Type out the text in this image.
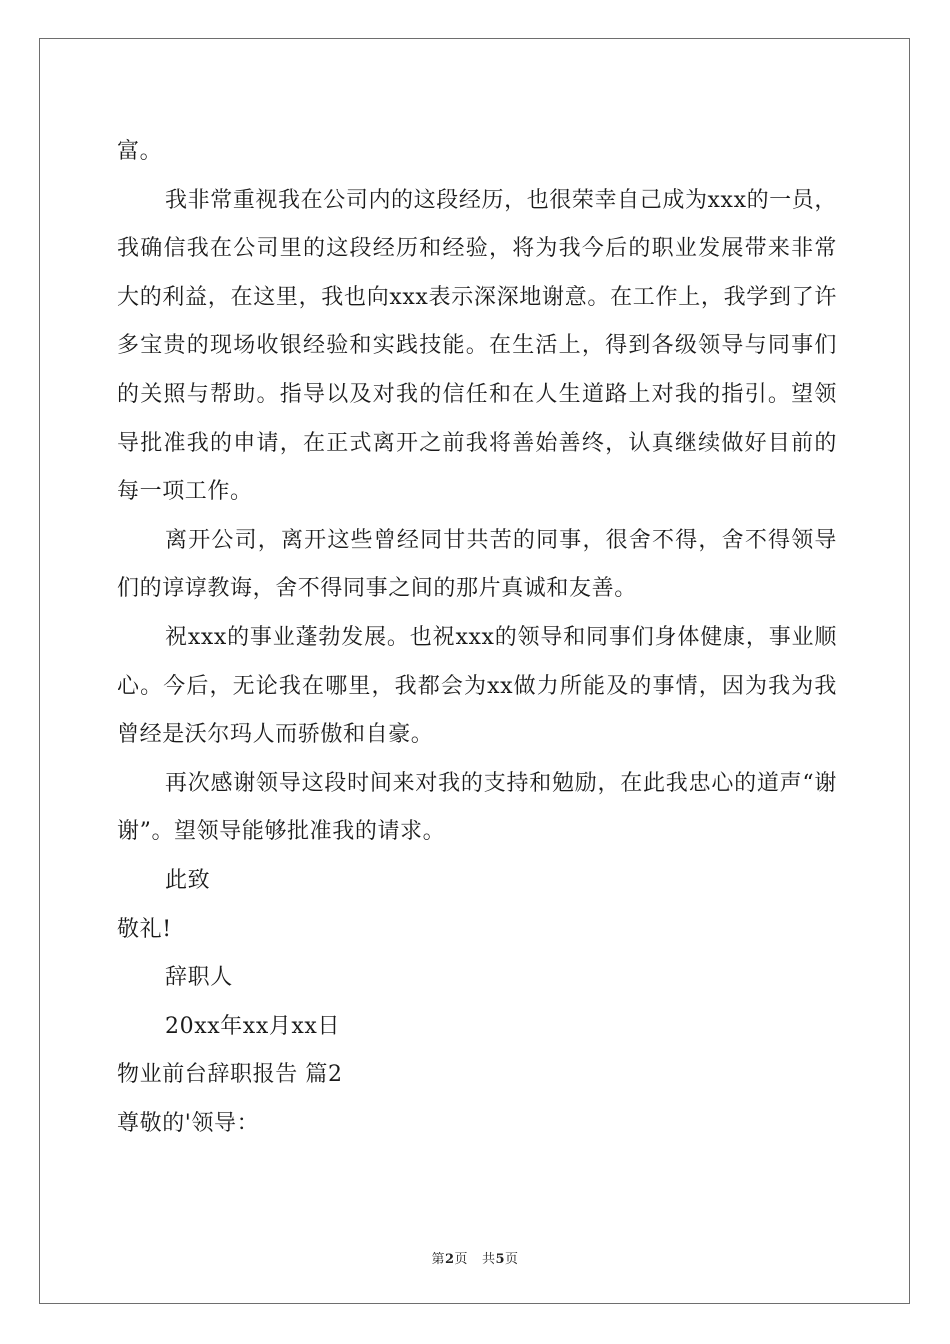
富。

我非常重视我在公司内的这段经历，也很荣幸自己成为xxx的一员，我确信我在公司里的这段经历和经验，将为我今后的职业发展带来非常大的利益，在这里，我也向xxx表示深深地谢意。在工作上，我学到了许多宝贵的现场收银经验和实践技能。在生活上，得到各级领导与同事们的关照与帮助。指导以及对我的信任和在人生道路上对我的指引。望领导批准我的申请，在正式离开之前我将善始善终，认真继续做好目前的每一项工作。

离开公司，离开这些曾经同甘共苦的同事，很舍不得，舍不得领导们的谆谆教诲，舍不得同事之间的那片真诚和友善。

祝xxx的事业蓬勃发展。也祝xxx的领导和同事们身体健康，事业顺心。今后，无论我在哪里，我都会为xx做力所能及的事情，因为我为我曾经是沃尔玛人而骄傲和自豪。

再次感谢领导这段时间来对我的支持和勉励，在此我忠心的道声“谢谢”。望领导能够批准我的请求。

此致

敬礼!

辞职人

20xx年xx月xx日

物业前台辞职报告 篇2

尊敬的'领导：

第2页 共5页
